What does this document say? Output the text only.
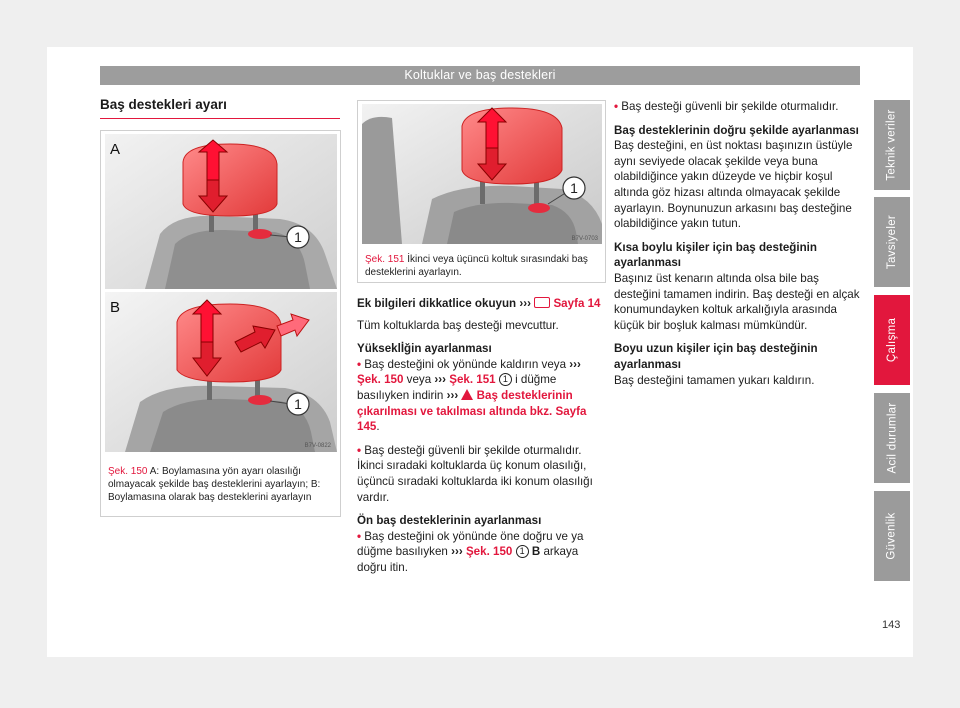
Koltuklar ve baş destekleri
Teknik veriler
Tavsiyeler
Çalışma
Acil durumlar
Güvenlik
143
Baş destekleri ayarı
1
A
1
B
B7V-0822
Şek. 150 A: Boylamasına yön ayarı olasılığı olmayacak şekilde baş desteklerini ayarlayın; B: Boylamasına olarak baş desteklerini ayarlayın
1
B7V-0703
Şek. 151 İkinci veya üçüncü koltuk sırasındaki baş desteklerini ayarlayın.

Ek bilgileri dikkatlice okuyun ››› Sayfa 14

Tüm koltuklarda baş desteği mevcuttur.

Yükseklİğin ayarlanması

• Baş desteğini ok yönünde kaldırın veya ››› Şek. 150 veya ››› Şek. 151 1 i düğme basılıyken indirin ››› Baş desteklerinin çıkarılması ve takılması altında bkz. Sayfa 145.

• Baş desteği güvenli bir şekilde oturmalıdır. İkinci sıradaki koltuklarda üç konum olasılığı, üçüncü sıradaki koltuklarda iki konum olasılığı vardır.

Ön baş desteklerinin ayarlanması

• Baş desteğini ok yönünde öne doğru ve ya düğme basılıyken ››› Şek. 150 1 B arkaya doğru itin.

• Baş desteği güvenli bir şekilde oturmalıdır.

Baş desteklerinin doğru şekilde ayarlanması

Baş desteğini, en üst noktası başınızın üstüyle aynı seviyede olacak şekilde veya buna olabildiğince yakın düzeyde ve hiçbir koşul altında göz hizası altında olmayacak şekilde ayarlayın. Boynunuzun arkasını baş desteğine olabildiğince yakın tutun.

Kısa boylu kişiler için baş desteğinin ayarlanması

Başınız üst kenarın altında olsa bile baş desteğini tamamen indirin. Baş desteği en alçak konumundayken koltuk arkalığıyla arasında küçük bir boşluk kalması mümkündür.

Boyu uzun kişiler için baş desteğinin ayarlanması

Baş desteğini tamamen yukarı kaldırın.
